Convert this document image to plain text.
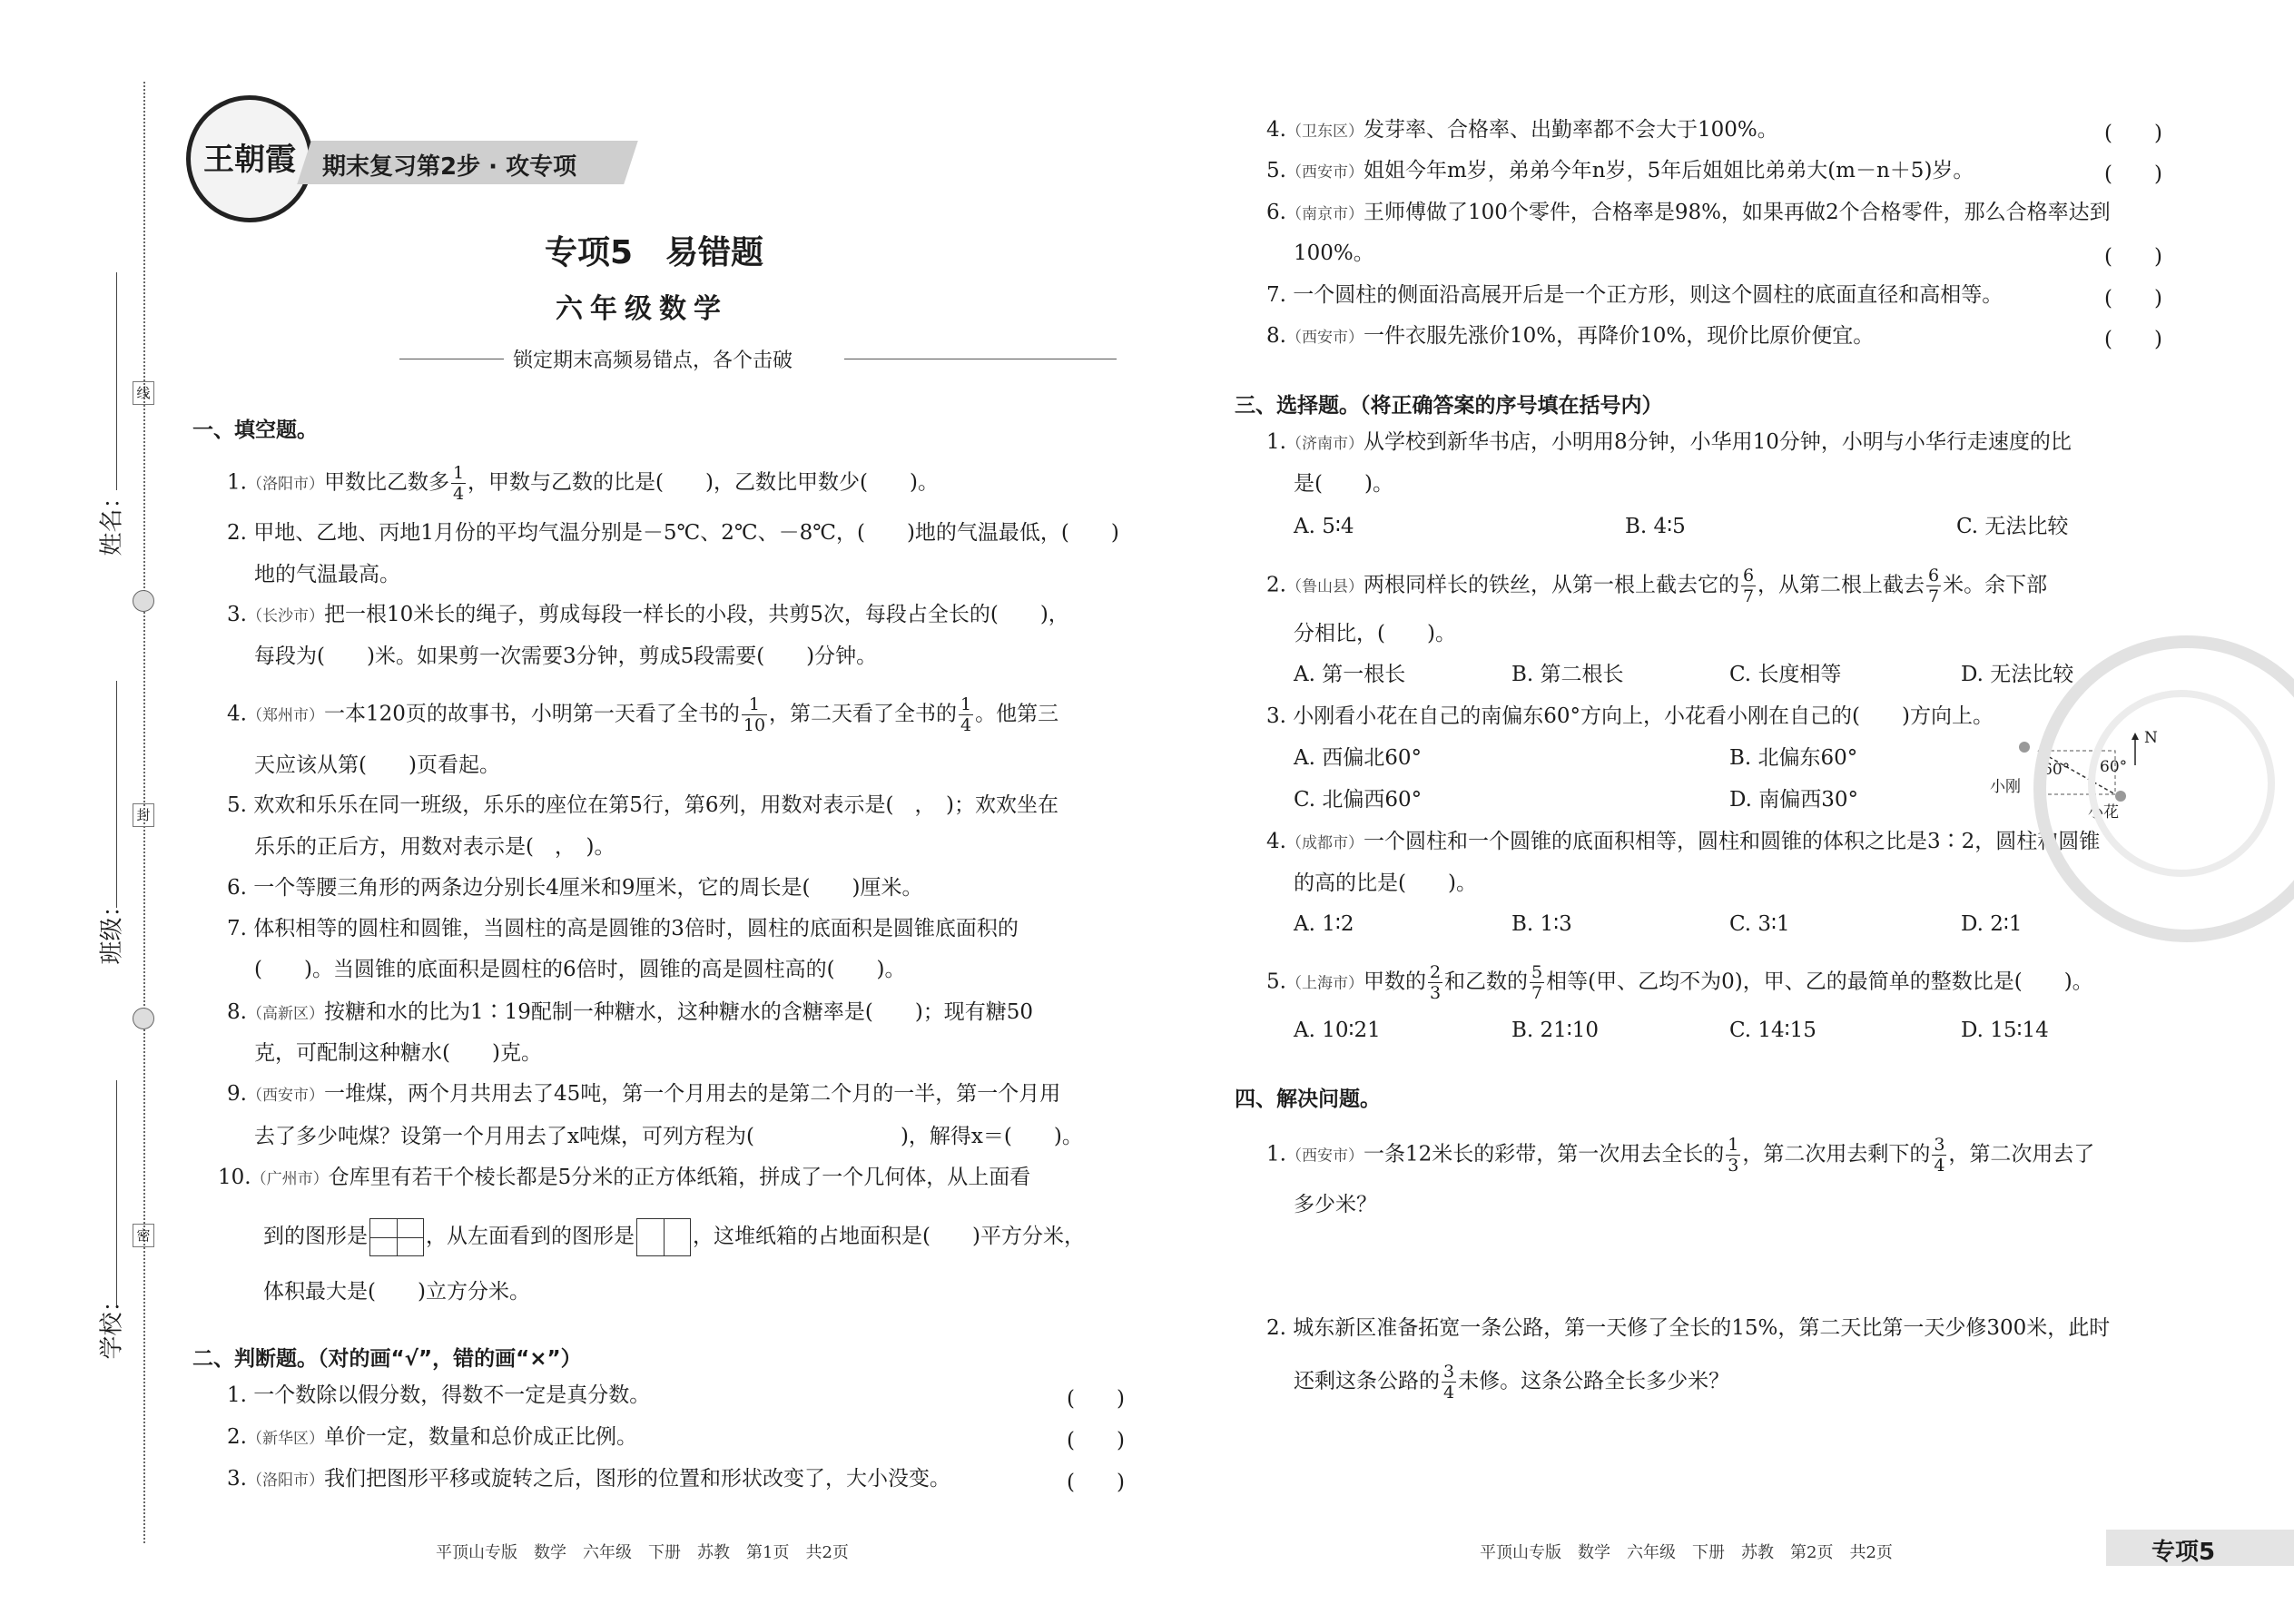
姓名：
班级：
学校：
线
封
密
王朝霞	期末复习第2步 · 攻专项
专项5　易错题
六年级数学
锁定期末高频易错点，各个击破
一、填空题。
1.（洛阳市）甲数比乙数多 $\frac{1}{4}$ ，甲数与乙数的比是(　　)，乙数比甲数少(　　)。
2. 甲地、乙地、丙地1月份的平均气温分别是－5℃、2℃、－8℃，(　　)地的气温最低，(　　)
地的气温最高。
3.（长沙市）把一根10米长的绳子，剪成每段一样长的小段，共剪5次，每段占全长的(　　)，
每段为(　　)米。如果剪一次需要3分钟，剪成5段需要(　　)分钟。
4.（郑州市）一本120页的故事书，小明第一天看了全书的 $\frac{1}{10}$ ，第二天看了全书的 $\frac{1}{4}$ 。他第三
天应该从第(　　)页看起。
5. 欢欢和乐乐在同一班级，乐乐的座位在第5行，第6列，用数对表示是(　，　)；欢欢坐在
乐乐的正后方，用数对表示是(　，　)。
6. 一个等腰三角形的两条边分别长4厘米和9厘米，它的周长是(　　)厘米。
7. 体积相等的圆柱和圆锥，当圆柱的高是圆锥的3倍时，圆柱的底面积是圆锥底面积的
(　　)。当圆锥的底面积是圆柱的6倍时，圆锥的高是圆柱高的(　　)。
8.（高新区）按糖和水的比为1∶19配制一种糖水，这种糖水的含糖率是(　　)；现有糖50
克，可配制这种糖水(　　)克。
9.（西安市）一堆煤，两个月共用去了45吨，第一个月用去的是第二个月的一半，第一个月用
去了多少吨煤？设第一个月用去了x吨煤，可列方程为(　　　　　　　)，解得x＝(　　)。
10.（广州市）仓库里有若干个棱长都是5分米的正方体纸箱，拼成了一个几何体，从上面看
到的图形是	，从左面看到的图形是	，这堆纸箱的占地面积是(　　)平方分米，
体积最大是(　　)立方分米。
二、判断题。（对的画“√”，错的画“×”）
1. 一个数除以假分数，得数不一定是真分数。	(　　)
2.（新华区）单价一定，数量和总价成正比例。	(　　)
3.（洛阳市）我们把图形平移或旋转之后，图形的位置和形状改变了，大小没变。	(　　)
4.（卫东区）发芽率、合格率、出勤率都不会大于100%。	(　　)
5.（西安市）姐姐今年m岁，弟弟今年n岁，5年后姐姐比弟弟大(m－n＋5)岁。	(　　)
6.（南京市）王师傅做了100个零件，合格率是98%，如果再做2个合格零件，那么合格率达到
100%。	(　　)
7. 一个圆柱的侧面沿高展开后是一个正方形，则这个圆柱的底面直径和高相等。	(　　)
8.（西安市）一件衣服先涨价10%，再降价10%，现价比原价便宜。	(　　)
三、选择题。（将正确答案的序号填在括号内）
1.（济南市）从学校到新华书店，小明用8分钟，小华用10分钟，小明与小华行走速度的比
是(　　)。
A. 5∶4	B. 4∶5	C. 无法比较
2.（鲁山县）两根同样长的铁丝，从第一根上截去它的 $\frac{6}{7}$ ，从第二根上截去 $\frac{6}{7}$ 米。余下部
分相比，(　　)。
A. 第一根长	B. 第二根长	C. 长度相等	D. 无法比较
3. 小刚看小花在自己的南偏东60°方向上，小花看小刚在自己的(　　)方向上。
A. 西偏北60°	B. 北偏东60°
C. 北偏西60°	D. 南偏西30°
60° 60°
N
小刚
小花
4.（成都市）一个圆柱和一个圆锥的底面积相等，圆柱和圆锥的体积之比是3∶2，圆柱和圆锥
的高的比是(　　)。
A. 1∶2	B. 1∶3	C. 3∶1	D. 2∶1
5.（上海市）甲数的 $\frac{2}{3}$ 和乙数的 $\frac{5}{7}$ 相等(甲、乙均不为0)，甲、乙的最简单的整数比是(　　)。
A. 10∶21	B. 21∶10	C. 14∶15	D. 15∶14
四、解决问题。
1.（西安市）一条12米长的彩带，第一次用去全长的 $\frac{1}{3}$ ，第二次用去剩下的 $\frac{3}{4}$ ，第二次用去了
多少米？
2. 城东新区准备拓宽一条公路，第一天修了全长的15%，第二天比第一天少修300米，此时
还剩这条公路的 $\frac{3}{4}$ 未修。这条公路全长多少米？
平顶山专版　数学　六年级　下册　苏教　第1页　共2页	平顶山专版　数学　六年级　下册　苏教　第2页　共2页	专项5
